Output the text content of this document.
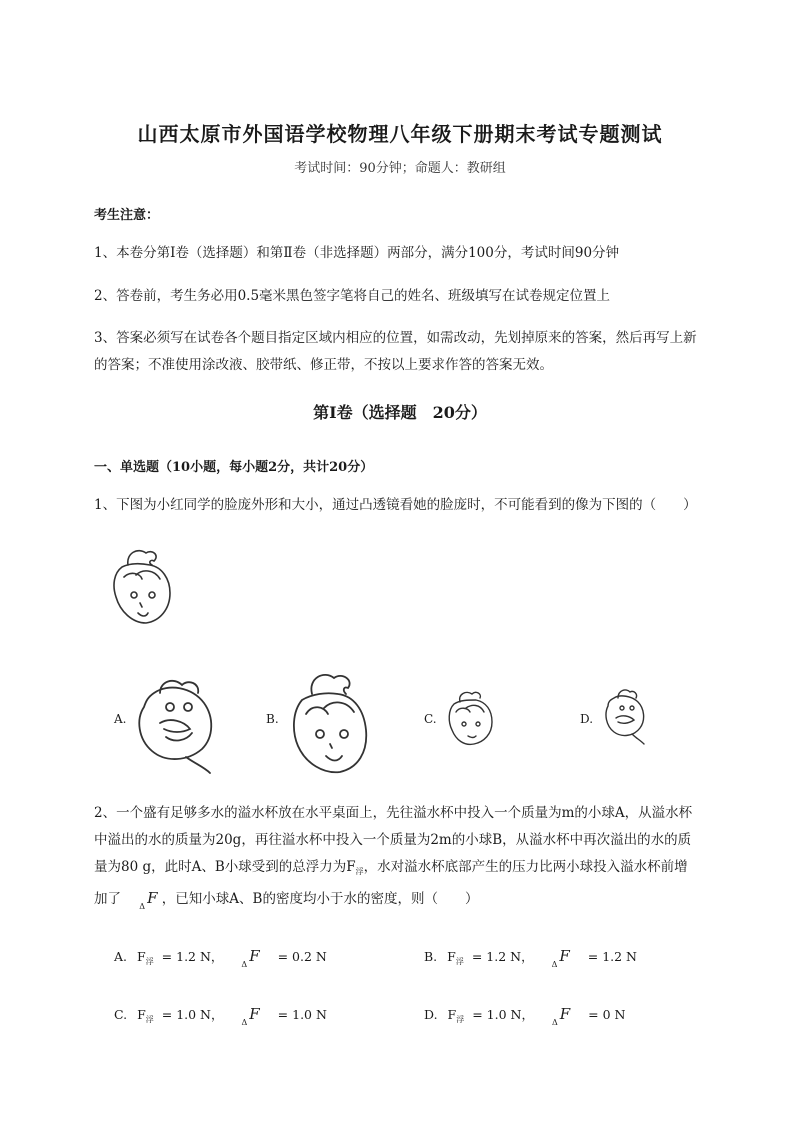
山西太原市外国语学校物理八年级下册期末考试专题测试
考试时间：90分钟；命题人：教研组
考生注意：
1、本卷分第Ⅰ卷（选择题）和第Ⅱ卷（非选择题）两部分，满分100分，考试时间90分钟
2、答卷前，考生务必用0.5毫米黑色签字笔将自己的姓名、班级填写在试卷规定位置上
3、答案必须写在试卷各个题目指定区域内相应的位置，如需改动，先划掉原来的答案，然后再写上新
的答案；不准使用涂改液、胶带纸、修正带，不按以上要求作答的答案无效。
第Ⅰ卷（选择题　20分）
一、单选题（10小题，每小题2分，共计20分）
1、下图为小红同学的脸庞外形和大小，通过凸透镜看她的脸庞时，不可能看到的像为下图的（　　）
A.	B.	C.	D.
2、一个盛有足够多水的溢水杯放在水平桌面上，先往溢水杯中投入一个质量为m的小球A，从溢水杯
中溢出的水的质量为20g，再往溢水杯中投入一个质量为2m的小球B，从溢水杯中再次溢出的水的质
量为80 g，此时A、B小球受到的总浮力为$F_浮$，水对溢水杯底部产生的压力比两小球投入溢水杯前增
加了 $_\Delta$ F ，已知小球A、B的密度均小于水的密度，则（　　）
A. $F_浮 = 1.2$ N， $_\Delta$ F = 0.2 N	B. $F_浮 = 1.2$ N， $_\Delta$ F = 1.2 N
C. $F_浮 = 1.0$ N， $_\Delta$ F = 1.0 N	D. $F_浮 = 1.0$ N， $_\Delta$ F = 0 N
